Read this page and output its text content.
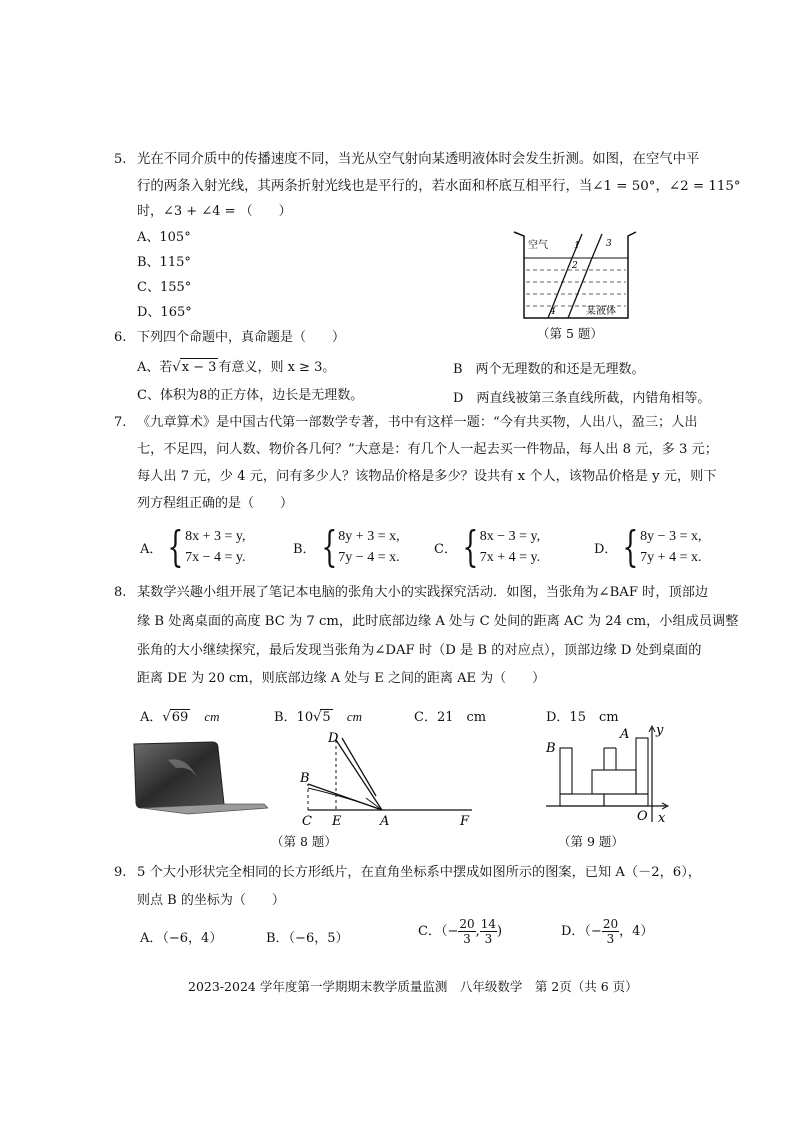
5. 光在不同介质中的传播速度不同，当光从空气射向某透明液体时会发生折测。如图，在空气中平
行的两条入射光线，其两条折射光线也是平行的，若水面和杯底互相平行，当∠1 = 50°，∠2 = 115°
时，∠3 + ∠4 = （　　）
A、105°
B、115°
C、155°
D、165°
空气
某液体
1
2
3
4
（第 5 题）
6. 下列四个命题中，真命题是（　　）
A、若√x − 3 有意义，则 x ≥ 3。	B　两个无理数的和还是无理数。
C、体积为8的正方体，边长是无理数。	D　两直线被第三条直线所截，内错角相等。
7. 《九章算术》是中国古代第一部数学专著，书中有这样一题：“今有共买物，人出八，盈三；人出
七，不足四，问人数、物价各几何？”大意是：有几个人一起去买一件物品，每人出 8 元，多 3 元；
每人出 7 元，少 4 元，问有多少人？该物品价格是多少？设共有 x 个人，该物品价格是 y 元，则下
列方程组正确的是（　　）
A． { 8x + 3 = y,
7x − 4 = y.
B． { 8y + 3 = x,
7y − 4 = x.
C． { 8x − 3 = y,
7x + 4 = y.
D． { 8y − 3 = x,
7y + 4 = x.
8. 某数学兴趣小组开展了笔记本电脑的张角大小的实践探究活动．如图，当张角为∠BAF 时，顶部边
缘 B 处离桌面的高度 BC 为 7 cm，此时底部边缘 A 处与 C 处间的距离 AC 为 24 cm，小组成员调整
张角的大小继续探究，最后发现当张角为∠DAF 时（D 是 B 的对应点），顶部边缘 D 处到桌面的
距离 DE 为 20 cm，则底部边缘 A 处与 E 之间的距离 AE 为（　　）
A．√69 cm	B．10√5 cm	C．21　cm	D．15　cm
D
B
C E	A	F
（第 8 题）
B
A y
O x
（第 9 题）
9. 5 个大小形状完全相同的长方形纸片，在直角坐标系中摆成如图所示的图案，已知 A（－2，6），
则点 B 的坐标为（　　）
A．（−6，4）	B．（−6，5）	C．（− $\frac{20}{3}$ , $\frac{14}{3}$ )	D．（− $\frac{20}{3}$ ，4）
2023-2024 学年度第一学期期末教学质量监测　八年级数学　第 2页（共 6 页）
